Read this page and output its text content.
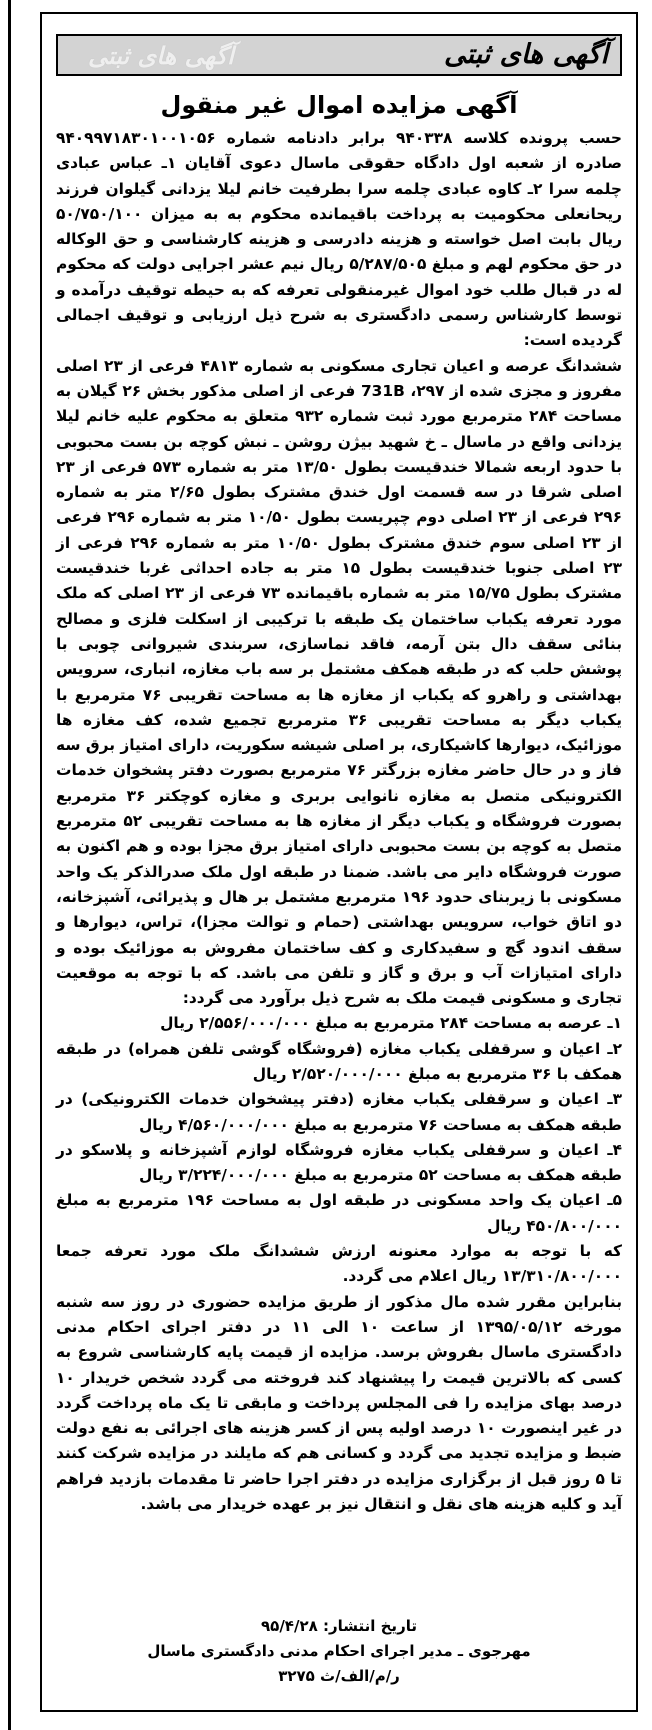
آگهی های ثبتی	آگهی های ثبتی
آگهی مزایده اموال غیر منقول

حسب پرونده کلاسه ۹۴۰۳۳۸ برابر دادنامه شماره ۹۴۰۹۹۷۱۸۳۰۱۰۰۱۰۵۶ صادره از شعبه اول دادگاه حقوقی ماسال دعوی آقایان ۱ـ عباس عبادی چلمه سرا ۲ـ کاوه عبادی چلمه سرا بطرفیت خانم لیلا یزدانی گیلوان فرزند ریحانعلی محکومیت به پرداخت باقیمانده محکوم به به میزان ۵۰/۷۵۰/۱۰۰ ریال بابت اصل خواسته و هزینه دادرسی و هزینه کارشناسی و حق الوکاله در حق محکوم لهم و مبلغ ۵/۲۸۷/۵۰۵ ریال نیم عشر اجرایی دولت که محکوم له در قبال طلب خود اموال غیرمنقولی تعرفه که به حیطه توقیف درآمده و توسط کارشناس رسمی دادگستری به شرح ذیل ارزیابی و توقیف اجمالی گردیده است:

ششدانگ عرصه و اعیان تجاری مسکونی به شماره ۴۸۱۳ فرعی از ۲۳ اصلی مفروز و مجزی شده از ۲۹۷، 731B فرعی از اصلی مذکور بخش ۲۶ گیلان به مساحت ۲۸۴ مترمربع مورد ثبت شماره ۹۳۲ متعلق به محکوم علیه خانم لیلا یزدانی واقع در ماسال ـ خ شهید بیژن روشن ـ نبش کوچه بن بست محبوبی با حدود اربعه شمالا خندقیست بطول ۱۳/۵۰ متر به شماره ۵۷۳ فرعی از ۲۳ اصلی شرقا در سه قسمت اول خندق مشترک بطول ۲/۶۵ متر به شماره ۲۹۶ فرعی از ۲۳ اصلی دوم چپریست بطول ۱۰/۵۰ متر به شماره ۲۹۶ فرعی از ۲۳ اصلی سوم خندق مشترک بطول ۱۰/۵۰ متر به شماره ۲۹۶ فرعی از ۲۳ اصلی جنوبا خندقیست بطول ۱۵ متر به جاده احداثی غربا خندقیست مشترک بطول ۱۵/۷۵ متر به شماره باقیمانده ۷۳ فرعی از ۲۳ اصلی که ملک مورد تعرفه یکباب ساختمان یک طبقه با ترکیبی از اسکلت فلزی و مصالح بنائی سقف دال بتن آرمه، فاقد نماسازی، سربندی شیروانی چوبی با پوشش حلب که در طبقه همکف مشتمل بر سه باب مغازه، انباری، سرویس بهداشتی و راهرو که یکباب از مغازه ها به مساحت تقریبی ۷۶ مترمربع با یکباب دیگر به مساحت تقریبی ۳۶ مترمربع تجمیع شده، کف مغازه ها موزائیک، دیوارها کاشیکاری، بر اصلی شیشه سکوریت، دارای امتیاز برق سه فاز و در حال حاضر مغازه بزرگتر ۷۶ مترمربع بصورت دفتر پشخوان خدمات الکترونیکی متصل به مغازه نانوایی بربری و مغازه کوچکتر ۳۶ مترمربع بصورت فروشگاه و یکباب دیگر از مغازه ها به مساحت تقریبی ۵۲ مترمربع متصل به کوچه بن بست محبوبی دارای امتیاز برق مجزا بوده و هم اکنون به صورت فروشگاه دایر می باشد. ضمنا در طبقه اول ملک صدرالذکر یک واحد مسکونی با زیربنای حدود ۱۹۶ مترمربع مشتمل بر هال و پذیرائی، آشپزخانه، دو اتاق خواب، سرویس بهداشتی (حمام و توالت مجزا)، تراس، دیوارها و سقف اندود گچ و سفیدکاری و کف ساختمان مفروش به موزائیک بوده و دارای امتیازات آب و برق و گاز و تلفن می باشد. که با توجه به موقعیت تجاری و مسکونی قیمت ملک به شرح ذیل برآورد می گردد:

۱ـ عرصه به مساحت ۲۸۴ مترمربع به مبلغ ۲/۵۵۶/۰۰۰/۰۰۰ ریال

۲ـ اعیان و سرقفلی یکباب مغازه (فروشگاه گوشی تلفن همراه) در طبقه همکف با ۳۶ مترمربع به مبلغ ۲/۵۲۰/۰۰۰/۰۰۰ ریال

۳ـ اعیان و سرقفلی یکباب مغازه (دفتر پیشخوان خدمات الکترونیکی) در طبقه همکف به مساحت ۷۶ مترمربع به مبلغ ۴/۵۶۰/۰۰۰/۰۰۰ ریال

۴ـ اعیان و سرقفلی یکباب مغازه فروشگاه لوازم آشپزخانه و پلاسکو در طبقه همکف به مساحت ۵۲ مترمربع به مبلغ ۳/۲۲۴/۰۰۰/۰۰۰ ریال

۵ـ اعیان یک واحد مسکونی در طبقه اول به مساحت ۱۹۶ مترمربع به مبلغ ۴۵۰/۸۰۰/۰۰۰ ریال

که با توجه به موارد معنونه ارزش ششدانگ ملک مورد تعرفه جمعا ۱۳/۳۱۰/۸۰۰/۰۰۰ ریال اعلام می گردد.

بنابراین مقرر شده مال مذکور از طریق مزایده حضوری در روز سه شنبه مورخه ۱۳۹۵/۰۵/۱۲ از ساعت ۱۰ الی ۱۱ در دفتر اجرای احکام مدنی دادگستری ماسال بفروش برسد. مزایده از قیمت پایه کارشناسی شروع به کسی که بالاترین قیمت را پیشنهاد کند فروخته می گردد شخص خریدار ۱۰ درصد بهای مزایده را فی المجلس پرداخت و مابقی تا یک ماه پرداخت گردد در غیر اینصورت ۱۰ درصد اولیه پس از کسر هزینه های اجرائی به نفع دولت ضبط و مزایده تجدید می گردد و کسانی هم که مایلند در مزایده شرکت کنند تا ۵ روز قبل از برگزاری مزایده در دفتر اجرا حاضر تا مقدمات بازدید فراهم آید و کلیه هزینه های نقل و انتقال نیز بر عهده خریدار می باشد.

تاریخ انتشار: ۹۵/۴/۲۸
مهرجوی ـ مدیر اجرای احکام مدنی دادگستری ماسال
ر/م/الف/ث ۳۲۷۵
